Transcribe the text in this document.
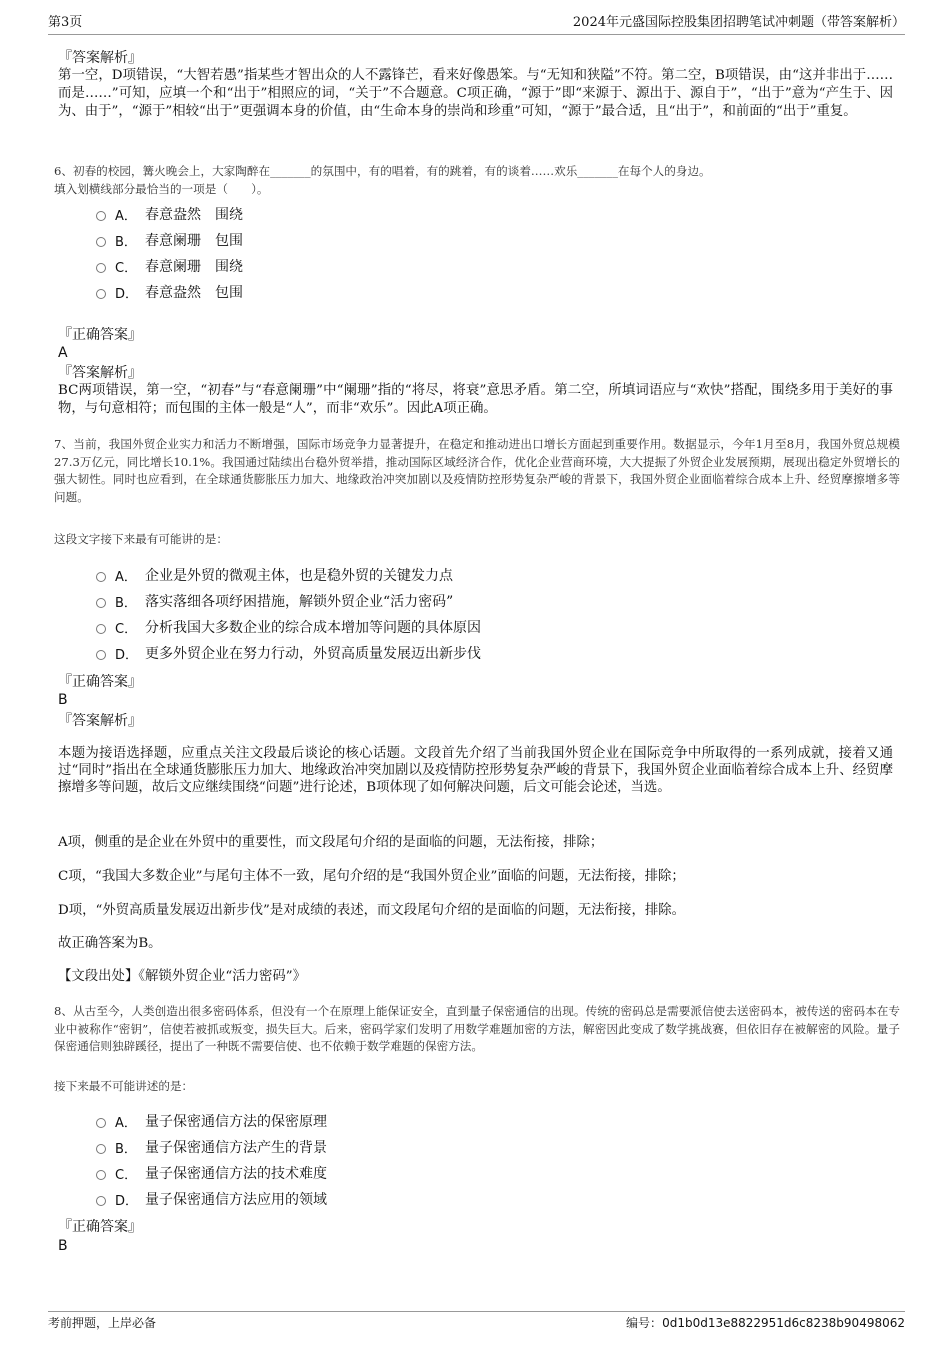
第3页	2024年元盛国际控股集团招聘笔试冲刺题（带答案解析）
『答案解析』
第一空，D项错误，“大智若愚”指某些才智出众的人不露锋芒，看来好像愚笨。与“无知和狭隘”不符。第二空，B项错误，由“这并非出于……而是……”可知，应填一个和“出于”相照应的词，“关于”不合题意。C项正确，“源于”即“来源于、源出于、源自于”，“出于”意为“产生于、因为、由于”，“源于”相较“出于”更强调本身的价值，由“生命本身的崇尚和珍重”可知，“源于”最合适，且“出于”，和前面的“出于”重复。
6、初春的校园，篝火晚会上，大家陶醉在_______的氛围中，有的唱着，有的跳着，有的谈着……欢乐_______在每个人的身边。
填入划横线部分最恰当的一项是（　　）。
A． 春意盎然　围绕
B． 春意阑珊　包围
C． 春意阑珊　围绕
D． 春意盎然　包围
『正确答案』
A
『答案解析』
BC两项错误，第一空，“初春”与“春意阑珊”中“阑珊”指的“将尽，将衰”意思矛盾。第二空，所填词语应与“欢快”搭配，围绕多用于美好的事物，与句意相符；而包围的主体一般是“人”，而非“欢乐”。因此A项正确。
7、当前，我国外贸企业实力和活力不断增强，国际市场竞争力显著提升，在稳定和推动进出口增长方面起到重要作用。数据显示，今年1月至8月，我国外贸总规模27.3万亿元，同比增长10.1%。我国通过陆续出台稳外贸举措，推动国际区域经济合作，优化企业营商环境，大大提振了外贸企业发展预期，展现出稳定外贸增长的强大韧性。同时也应看到，在全球通货膨胀压力加大、地缘政治冲突加剧以及疫情防控形势复杂严峻的背景下，我国外贸企业面临着综合成本上升、经贸摩擦增多等问题。
这段文字接下来最有可能讲的是：
A． 企业是外贸的微观主体，也是稳外贸的关键发力点
B． 落实落细各项纾困措施，解锁外贸企业“活力密码”
C． 分析我国大多数企业的综合成本增加等问题的具体原因
D． 更多外贸企业在努力行动，外贸高质量发展迈出新步伐
『正确答案』
B
『答案解析』
本题为接语选择题，应重点关注文段最后谈论的核心话题。文段首先介绍了当前我国外贸企业在国际竞争中所取得的一系列成就，接着又通过“同时”指出在全球通货膨胀压力加大、地缘政治冲突加剧以及疫情防控形势复杂严峻的背景下，我国外贸企业面临着综合成本上升、经贸摩擦增多等问题，故后文应继续围绕“问题”进行论述，B项体现了如何解决问题，后文可能会论述，当选。
A项，侧重的是企业在外贸中的重要性，而文段尾句介绍的是面临的问题，无法衔接，排除；
C项，“我国大多数企业”与尾句主体不一致，尾句介绍的是“我国外贸企业”面临的问题，无法衔接，排除；
D项，“外贸高质量发展迈出新步伐”是对成绩的表述，而文段尾句介绍的是面临的问题，无法衔接，排除。
故正确答案为B。
【文段出处】《解锁外贸企业“活力密码”》
8、从古至今，人类创造出很多密码体系，但没有一个在原理上能保证安全，直到量子保密通信的出现。传统的密码总是需要派信使去送密码本，被传送的密码本在专业中被称作“密钥”，信使若被抓或叛变，损失巨大。后来，密码学家们发明了用数学难题加密的方法，解密因此变成了数学挑战赛，但依旧存在被解密的风险。量子保密通信则独辟蹊径，提出了一种既不需要信使、也不依赖于数学难题的保密方法。
接下来最不可能讲述的是：
A． 量子保密通信方法的保密原理
B． 量子保密通信方法产生的背景
C． 量子保密通信方法的技术难度
D． 量子保密通信方法应用的领域
『正确答案』
B
考前押题，上岸必备	编号：0d1b0d13e8822951d6c8238b90498062
